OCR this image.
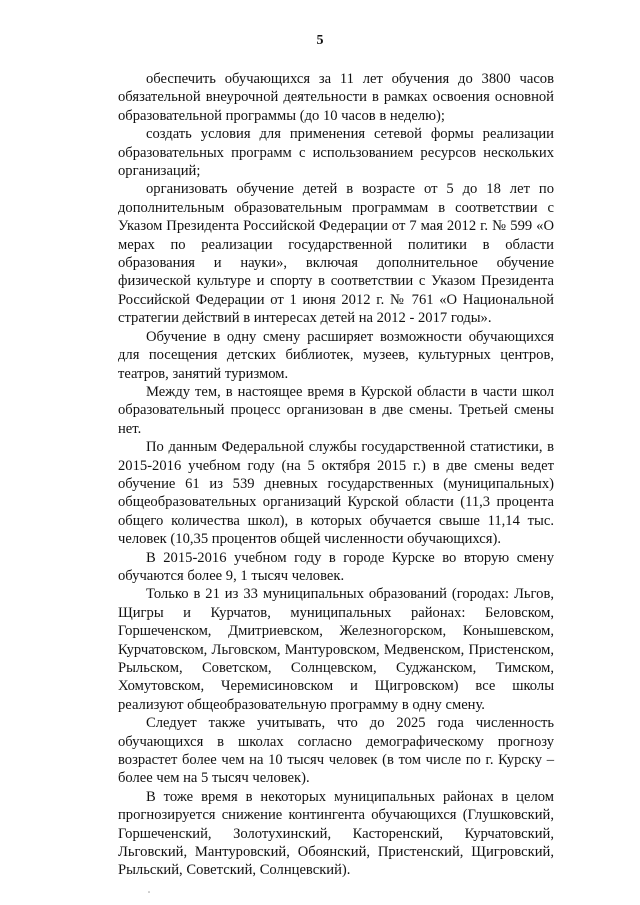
5

обеспечить обучающихся за 11 лет обучения до 3800 часов обязательной внеурочной деятельности в рамках освоения основной образовательной программы (до 10 часов в неделю);

создать условия для применения сетевой формы реализации образовательных программ с использованием ресурсов нескольких организаций;

организовать обучение детей в возрасте от 5 до 18 лет по дополнительным образовательным программам в соответствии с Указом Президента Российской Федерации от 7 мая 2012 г. № 599 «О мерах по реализации государственной политики в области образования и науки», включая дополнительное обучение физической культуре и спорту в соответствии с Указом Президента Российской Федерации от 1 июня 2012 г. № 761 «О Национальной стратегии действий в интересах детей на 2012 - 2017 годы».

Обучение в одну смену расширяет возможности обучающихся для посещения детских библиотек, музеев, культурных центров, театров, занятий туризмом.

Между тем, в настоящее время в Курской области в части школ образовательный процесс организован в две смены. Третьей смены нет.

По данным Федеральной службы государственной статистики, в 2015-2016 учебном году (на 5 октября 2015 г.) в две смены ведет обучение 61 из 539 дневных государственных (муниципальных) общеобразовательных организаций Курской области (11,3 процента общего количества школ), в которых обучается свыше 11,14 тыс. человек (10,35 процентов общей численности обучающихся).

В 2015-2016 учебном году в городе Курске во вторую смену обучаются более 9, 1 тысяч человек.

Только в 21 из 33 муниципальных образований (городах: Льгов, Щигры и Курчатов, муниципальных районах: Беловском, Горшеченском, Дмитриевском, Железногорском, Конышевском, Курчатовском, Льговском, Мантуровском, Медвенском, Пристенском, Рыльском, Советском, Солнцевском, Суджанском, Тимском, Хомутовском, Черемисиновском и Щигровском) все школы реализуют общеобразовательную программу в одну смену.

Следует также учитывать, что до 2025 года численность обучающихся в школах согласно демографическому прогнозу возрастет более чем на 10 тысяч человек (в том числе по г. Курску – более чем на 5 тысяч человек).

В тоже время в некоторых муниципальных районах в целом прогнозируется снижение контингента обучающихся (Глушковский, Горшеченский, Золотухинский, Касторенский, Курчатовский, Льговский, Мантуровский, Обоянский, Пристенский, Щигровский, Рыльский, Советский, Солнцевский).
